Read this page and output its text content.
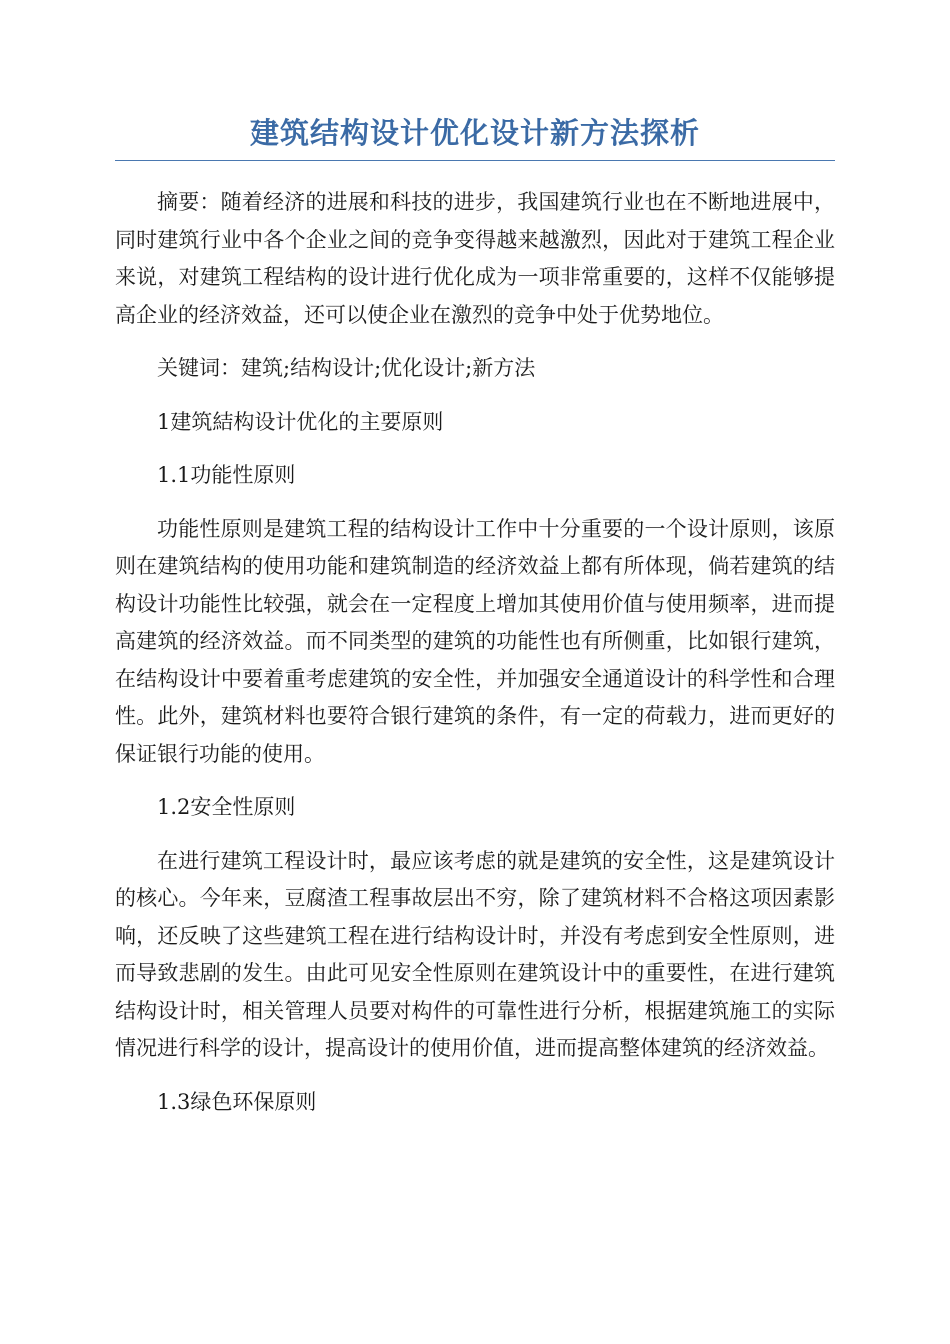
建筑结构设计优化设计新方法探析

摘要：随着经济的进展和科技的进步，我国建筑行业也在不断地进展中，同时建筑行业中各个企业之间的竞争变得越来越激烈，因此对于建筑工程企业来说，对建筑工程结构的设计进行优化成为一项非常重要的，这样不仅能够提高企业的经济效益，还可以使企业在激烈的竞争中处于优势地位。

关键词：建筑;结构设计;优化设计;新方法

1建筑結构设计优化的主要原则

1.1功能性原则

功能性原则是建筑工程的结构设计工作中十分重要的一个设计原则，该原则在建筑结构的使用功能和建筑制造的经济效益上都有所体现，倘若建筑的结构设计功能性比较强，就会在一定程度上增加其使用价值与使用频率，进而提高建筑的经济效益。而不同类型的建筑的功能性也有所侧重，比如银行建筑，在结构设计中要着重考虑建筑的安全性，并加强安全通道设计的科学性和合理性。此外，建筑材料也要符合银行建筑的条件，有一定的荷载力，进而更好的保证银行功能的使用。

1.2安全性原则

在进行建筑工程设计时，最应该考虑的就是建筑的安全性，这是建筑设计的核心。今年来，豆腐渣工程事故层出不穷，除了建筑材料不合格这项因素影响，还反映了这些建筑工程在进行结构设计时，并没有考虑到安全性原则，进而导致悲剧的发生。由此可见安全性原则在建筑设计中的重要性，在进行建筑结构设计时，相关管理人员要对构件的可靠性进行分析，根据建筑施工的实际情况进行科学的设计，提高设计的使用价值，进而提高整体建筑的经济效益。

1.3绿色环保原则
